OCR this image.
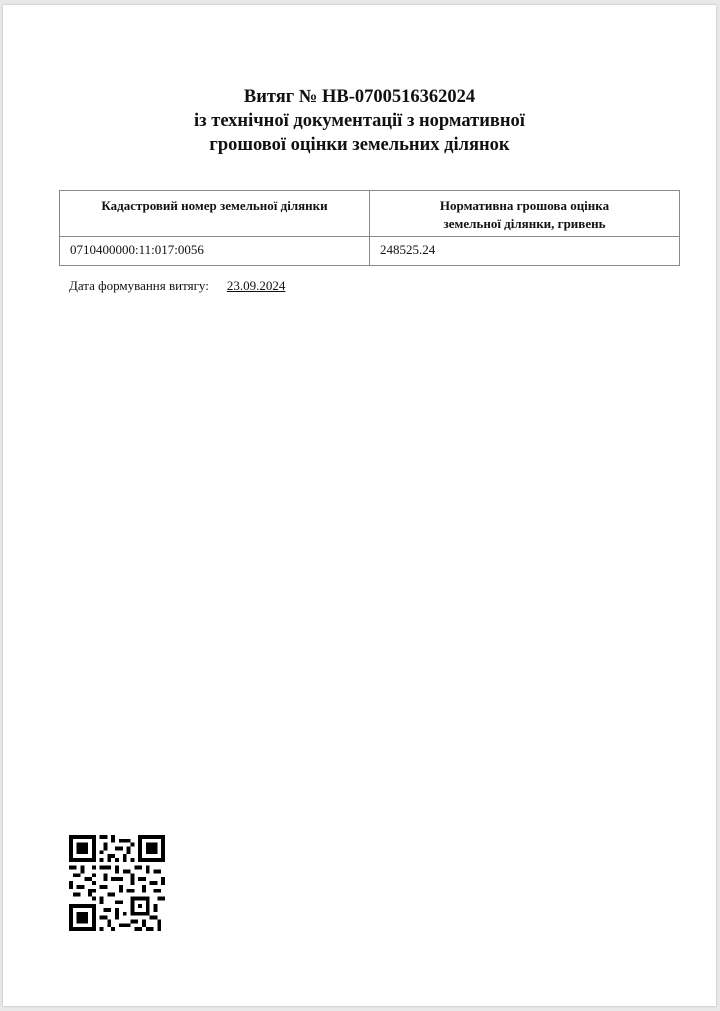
Витяг № НВ-0700516362024
із технічної документації з нормативної
грошової оцінки земельних ділянок
Кадастровий номер земельної ділянки	Нормативна грошова оцінка земельної ділянки, гривень

0710400000:11:017:0056	248525.24
Дата формування витягу: 23.09.2024
